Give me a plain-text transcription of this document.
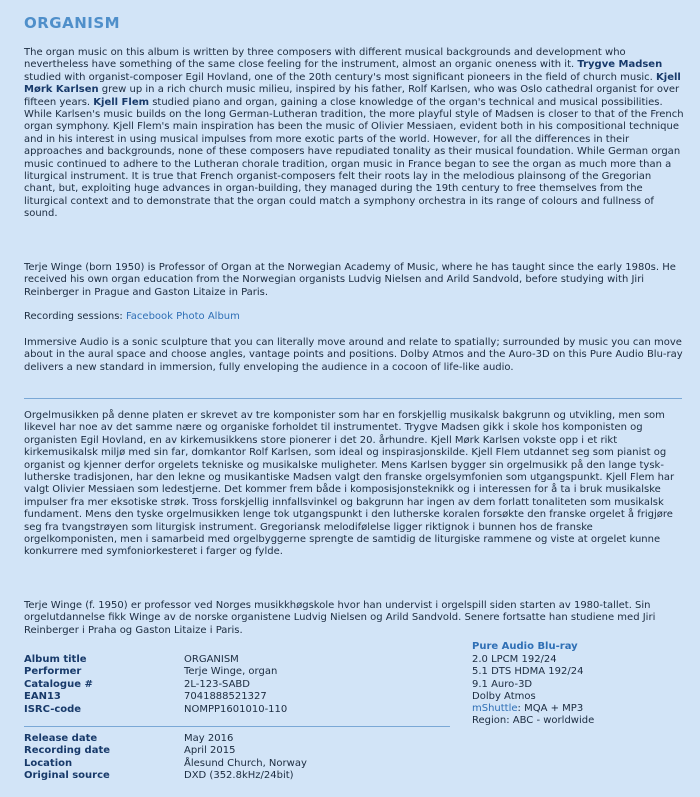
ORGANISM

The organ music on this album is written by three composers with different musical backgrounds and development who nevertheless have something of the same close feeling for the instrument, almost an organic oneness with it. Trygve Madsen studied with organist-composer Egil Hovland, one of the 20th century's most significant pioneers in the field of church music. Kjell Mørk Karlsen grew up in a rich church music milieu, inspired by his father, Rolf Karlsen, who was Oslo cathedral organist for over fifteen years. Kjell Flem studied piano and organ, gaining a close knowledge of the organ's technical and musical possibilities. While Karlsen's music builds on the long German-Lutheran tradition, the more playful style of Madsen is closer to that of the French organ symphony. Kjell Flem's main inspiration has been the music of Olivier Messiaen, evident both in his compositional technique and in his interest in using musical impulses from more exotic parts of the world. However, for all the differences in their approaches and backgrounds, none of these composers have repudiated tonality as their musical foundation. While German organ music continued to adhere to the Lutheran chorale tradition, organ music in France began to see the organ as much more than a liturgical instrument. It is true that French organist-composers felt their roots lay in the melodious plainsong of the Gregorian chant, but, exploiting huge advances in organ-building, they managed during the 19th century to free themselves from the liturgical context and to demonstrate that the organ could match a symphony orchestra in its range of colours and fullness of sound.

Terje Winge (born 1950) is Professor of Organ at the Norwegian Academy of Music, where he has taught since the early 1980s. He received his own organ education from the Norwegian organists Ludvig Nielsen and Arild Sandvold, before studying with Jiri Reinberger in Prague and Gaston Litaize in Paris.

Recording sessions: Facebook Photo Album

Immersive Audio is a sonic sculpture that you can literally move around and relate to spatially; surrounded by music you can move about in the aural space and choose angles, vantage points and positions. Dolby Atmos and the Auro-3D on this Pure Audio Blu-ray delivers a new standard in immersion, fully enveloping the audience in a cocoon of life-like audio.

Orgelmusikken på denne platen er skrevet av tre komponister som har en forskjellig musikalsk bakgrunn og utvikling, men som likevel har noe av det samme nære og organiske forholdet til instrumentet. Trygve Madsen gikk i skole hos komponisten og organisten Egil Hovland, en av kirkemusikkens store pionerer i det 20. århundre. Kjell Mørk Karlsen vokste opp i et rikt kirkemusikalsk miljø med sin far, domkantor Rolf Karlsen, som ideal og inspirasjonskilde. Kjell Flem utdannet seg som pianist og organist og kjenner derfor orgelets tekniske og musikalske muligheter. Mens Karlsen bygger sin orgelmusikk på den lange tysk-lutherske tradisjonen, har den lekne og musikantiske Madsen valgt den franske orgelsymfonien som utgangspunkt. Kjell Flem har valgt Olivier Messiaen som ledestjerne. Det kommer frem både i komposisjonsteknikk og i interessen for å ta i bruk musikalske impulser fra mer eksotiske strøk. Tross forskjellig innfallsvinkel og bakgrunn har ingen av dem forlatt tonaliteten som musikalsk fundament. Mens den tyske orgelmusikken lenge tok utgangspunkt i den lutherske koralen forsøkte den franske orgelet å frigjøre seg fra tvangstrøyen som liturgisk instrument. Gregoriansk melodifølelse ligger riktignok i bunnen hos de franske orgelkomponisten, men i samarbeid med orgelbyggerne sprengte de samtidig de liturgiske rammene og viste at orgelet kunne konkurrere med symfoniorkesteret i farger og fylde.

Terje Winge (f. 1950) er professor ved Norges musikkhøgskole hvor han undervist i orgelspill siden starten av 1980-tallet. Sin orgelutdannelse fikk Winge av de norske organistene Ludvig Nielsen og Arild Sandvold. Senere fortsatte han studiene med Jiri Reinberger i Praha og Gaston Litaize i Paris.

Album title	ORGANISM
Performer	Terje Winge, organ
Catalogue #	2L-123-SABD
EAN13	7041888521327
ISRC-code	NOMPP1601010-110
Release date	May 2016
Recording date	April 2015
Location	Ålesund Church, Norway
Original source	DXD (352.8kHz/24bit)
Pure Audio Blu-ray
2.0 LPCM 192/24
5.1 DTS HDMA 192/24
9.1 Auro-3D
Dolby Atmos
mShuttle: MQA + MP3
Region: ABC - worldwide
